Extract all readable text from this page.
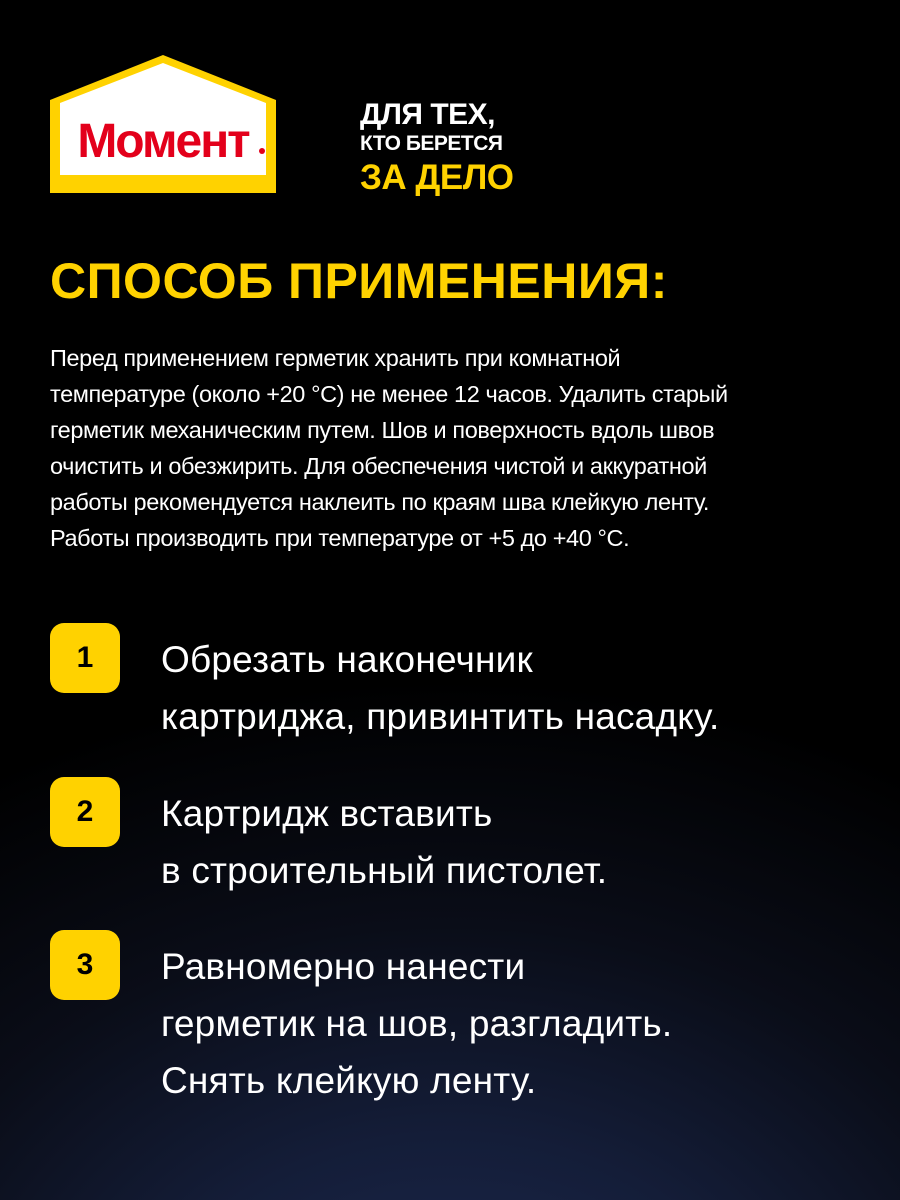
Момент
ДЛЯ ТЕХ,
КТО БЕРЕТСЯ
ЗА ДЕЛО
СПОСОБ ПРИМЕНЕНИЯ:

Перед применением герметик хранить при комнатной
температуре (около +20 °С) не менее 12 часов. Удалить старый
герметик механическим путем. Шов и поверхность вдоль швов
очистить и обезжирить. Для обеспечения чистой и аккуратной
работы рекомендуется наклеить по краям шва клейкую ленту.
Работы производить при температуре от +5 до +40 °С.

1	Обрезать наконечник
картриджа, привинтить насадку.

2	Картридж вставить
в строительный пистолет.

3	Равномерно нанести
герметик на шов, разгладить.
Снять клейкую ленту.
